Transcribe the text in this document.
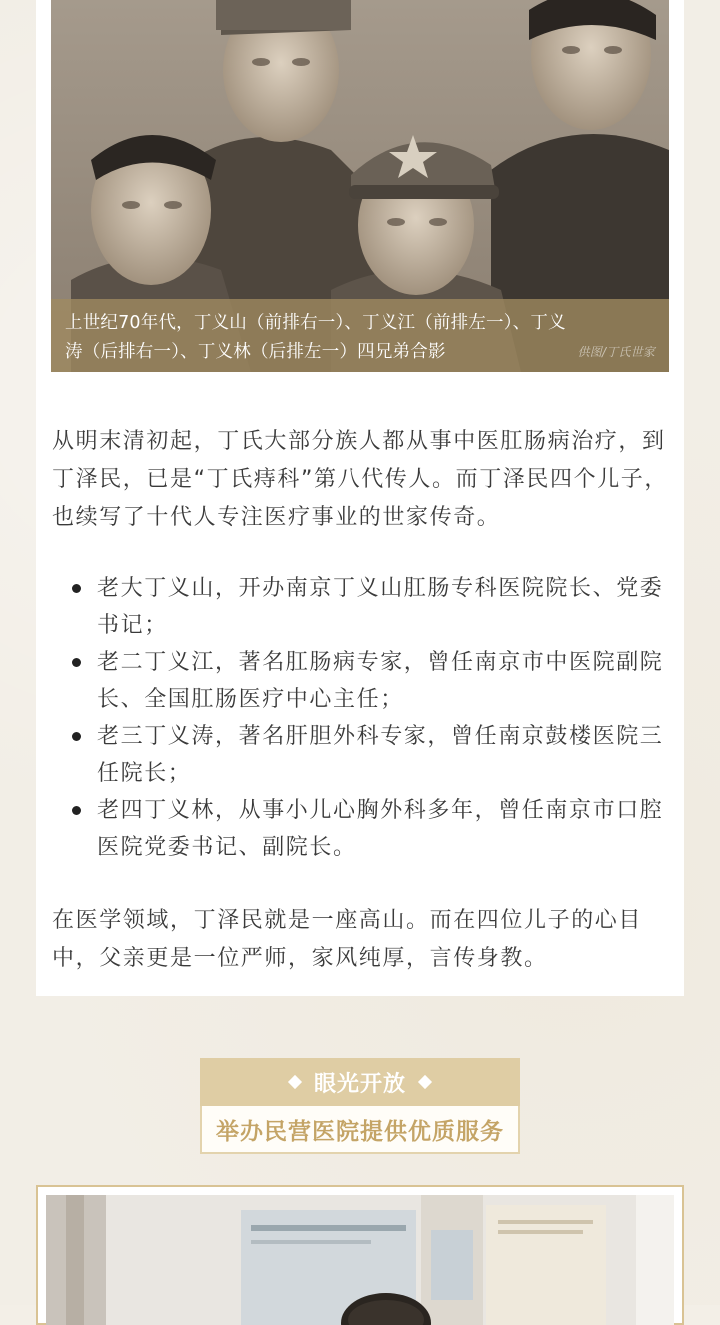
上世纪70年代，丁义山（前排右一）、丁义江（前排左一）、丁义
涛（后排右一）、丁义林（后排左一）四兄弟合影	供图/丁氏世家

从明末清初起，丁氏大部分族人都从事中医肛肠病治疗，到丁泽民，已是“丁氏痔科”第八代传人。而丁泽民四个儿子，也续写了十代人专注医疗事业的世家传奇。

老大丁义山，开办南京丁义山肛肠专科医院院长、党委书记；
老二丁义江，著名肛肠病专家，曾任南京市中医院副院长、全国肛肠医疗中心主任；
老三丁义涛，著名肝胆外科专家，曾任南京鼓楼医院三任院长；
老四丁义林，从事小儿心胸外科多年，曾任南京市口腔医院党委书记、副院长。

在医学领域，丁泽民就是一座高山。而在四位儿子的心目中，父亲更是一位严师，家风纯厚，言传身教。

眼光开放
举办民营医院提供优质服务
